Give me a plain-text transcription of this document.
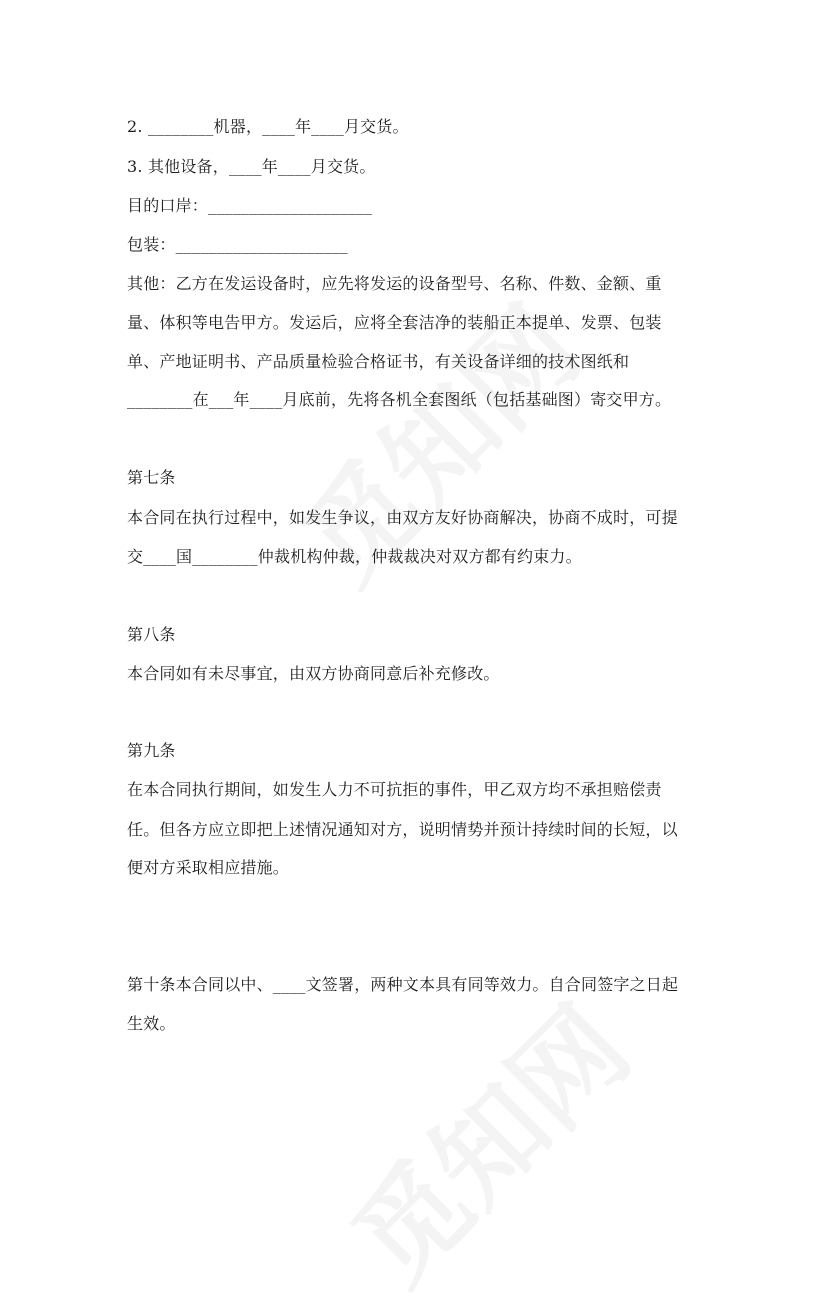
2. ________机器，____年____月交货。
3. 其他设备，____年____月交货。
目的口岸：____________________
包装：_____________________
其他：乙方在发运设备时，应先将发运的设备型号、名称、件数、金额、重
量、体积等电告甲方。发运后，应将全套洁净的装船正本提单、发票、包装
单、产地证明书、产品质量检验合格证书，有关设备详细的技术图纸和
________在___年____月底前，先将各机全套图纸（包括基础图）寄交甲方。
第七条
本合同在执行过程中，如发生争议，由双方友好协商解决，协商不成时，可提
交____国________仲裁机构仲裁，仲裁裁决对双方都有约束力。
第八条
本合同如有未尽事宜，由双方协商同意后补充修改。
第九条
在本合同执行期间，如发生人力不可抗拒的事件，甲乙双方均不承担赔偿责
任。但各方应立即把上述情况通知对方，说明情势并预计持续时间的长短，以
便对方采取相应措施。
第十条本合同以中、____文签署，两种文本具有同等效力。自合同签字之日起
生效。
